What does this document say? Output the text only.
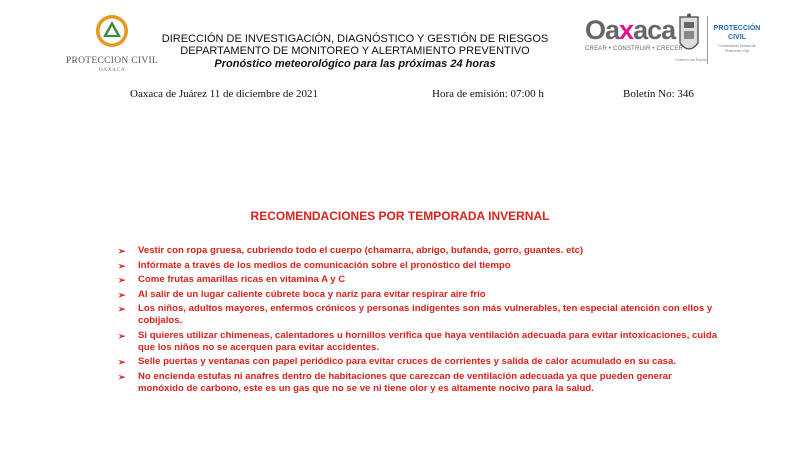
PROTECCION CIVIL
OAXACA
DIRECCIÓN DE INVESTIGACIÓN, DIAGNÓSTICO Y GESTIÓN DE RIESGOS
DEPARTAMENTO DE MONITOREO Y ALERTAMIENTO PREVENTIVO
Pronóstico meteorológico para las próximas 24 horas
Oaxaca
CREAR • CONSTRUIR • CRECER
Gobierno del Estado
PROTECCIÓN
CIVIL
Coordinación Estatal de Protección Civil
Oaxaca de Juárez 11 de diciembre de 2021	Hora de emisión: 07:00 h	Boletín No: 346
RECOMENDACIONES POR TEMPORADA INVERNAL
➢ Vestir con ropa gruesa, cubriendo todo el cuerpo (chamarra, abrigo, bufanda, gorro, guantes. etc)
➢ Infórmate a través de los medios de comunicación sobre el pronóstico del tiempo
➢ Come frutas amarillas ricas en vitamina A y C
➢ Al salir de un lugar caliente cúbrete boca y nariz para evitar respirar aire frío
➢ Los niños, adultos mayores, enfermos crónicos y personas indigentes son más vulnerables, ten especial atención con ellos y cobíjalos.
➢ Si quieres utilizar chimeneas, calentadores u hornillos verifica que haya ventilación adecuada para evitar intoxicaciones, cuida que los niños no se acerquen para evitar accidentes.
➢ Selle puertas y ventanas con papel periódico para evitar cruces de corrientes y salida de calor acumulado en su casa.
➢ No encienda estufas ni anafres dentro de habitaciones que carezcan de ventilación adecuada ya que pueden generar monóxido de carbono, este es un gas que no se ve ni tiene olor y es altamente nocivo para la salud.
